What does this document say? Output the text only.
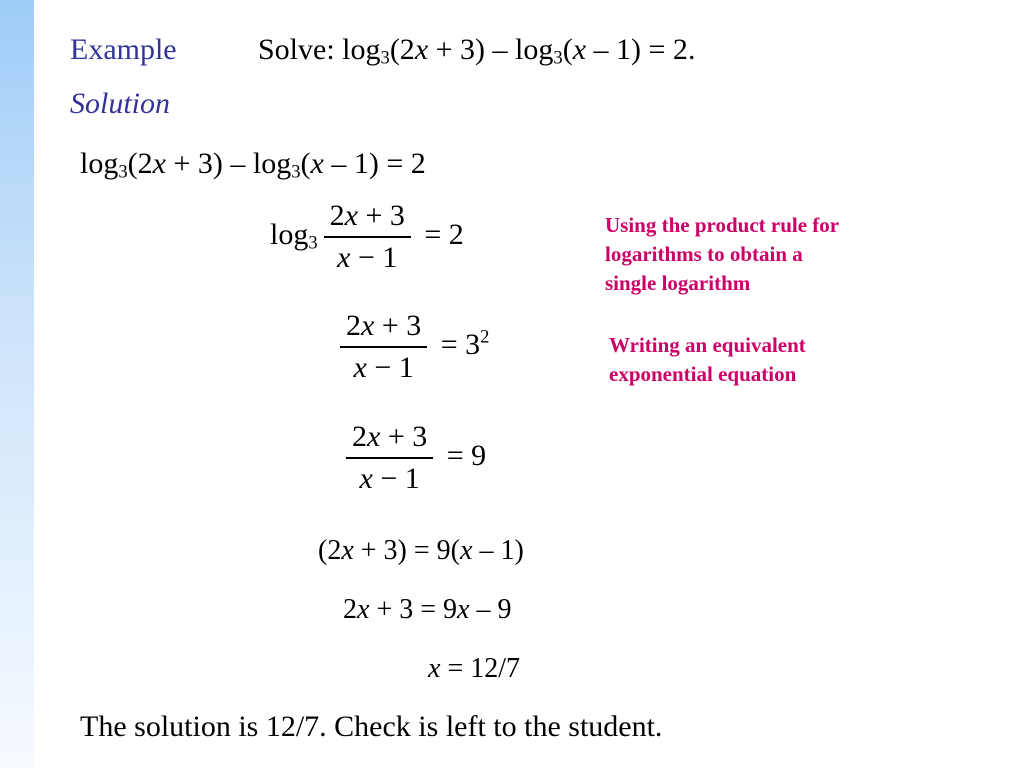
Example	Solve: $\log_3(2x + 3) - \log_3(x - 1) = 2$.
Solution
$\log_3(2x + 3) - \log_3(x - 1) = 2$
$\log_3 \frac{2x + 3}{x - 1} = 2$
$\frac{2x + 3}{x - 1} = 3^2$
$\frac{2x + 3}{x - 1} = 9$
(2x + 3) = 9(x – 1)
2x + 3 = 9x – 9
x = 12/7
Using the product rule for
logarithms to obtain a
single logarithm
Writing an equivalent
exponential equation
The solution is 12/7. Check is left to the student.
